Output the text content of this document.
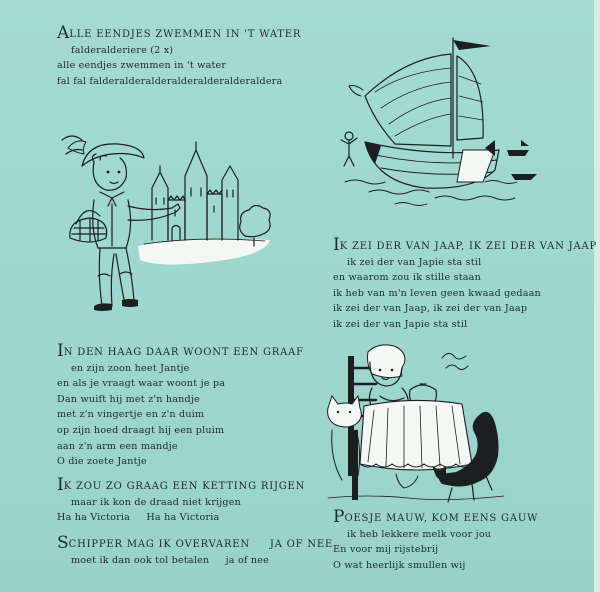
ALLE EENDJES ZWEMMEN IN 'T WATER
falderalderiere (2 x)
alle eendjes zwemmen in 't water
fal fal falderalderalderalderalderalderaldera
IK ZEI DER VAN JAAP, IK ZEI DER VAN JAAP
ik zei der van Japie sta stil
en waarom zou ik stille staan
ik heb van m'n leven geen kwaad gedaan
ik zei der van Jaap, ik zei der van Jaap
ik zei der van Japie sta stil
IN DEN HAAG DAAR WOONT EEN GRAAF
en zijn zoon heet Jantje
en als je vraagt waar woont je pa
Dan wuift hij met z'n handje
met z'n vingertje en z'n duim
op zijn hoed draagt hij een pluim
aan z'n arm een mandje
O die zoete Jantje
IK ZOU ZO GRAAG EEN KETTING RIJGEN
maar ik kon de draad niet krijgen
Ha ha Victoria     Ha ha Victoria
SCHIPPER MAG IK OVERVAREN     JA OF NEE
moet ik dan ook tol betalen     ja of nee
POESJE MAUW, KOM EENS GAUW
ik heb lekkere melk voor jou
En voor mij rijstebrij
O wat heerlijk smullen wij
